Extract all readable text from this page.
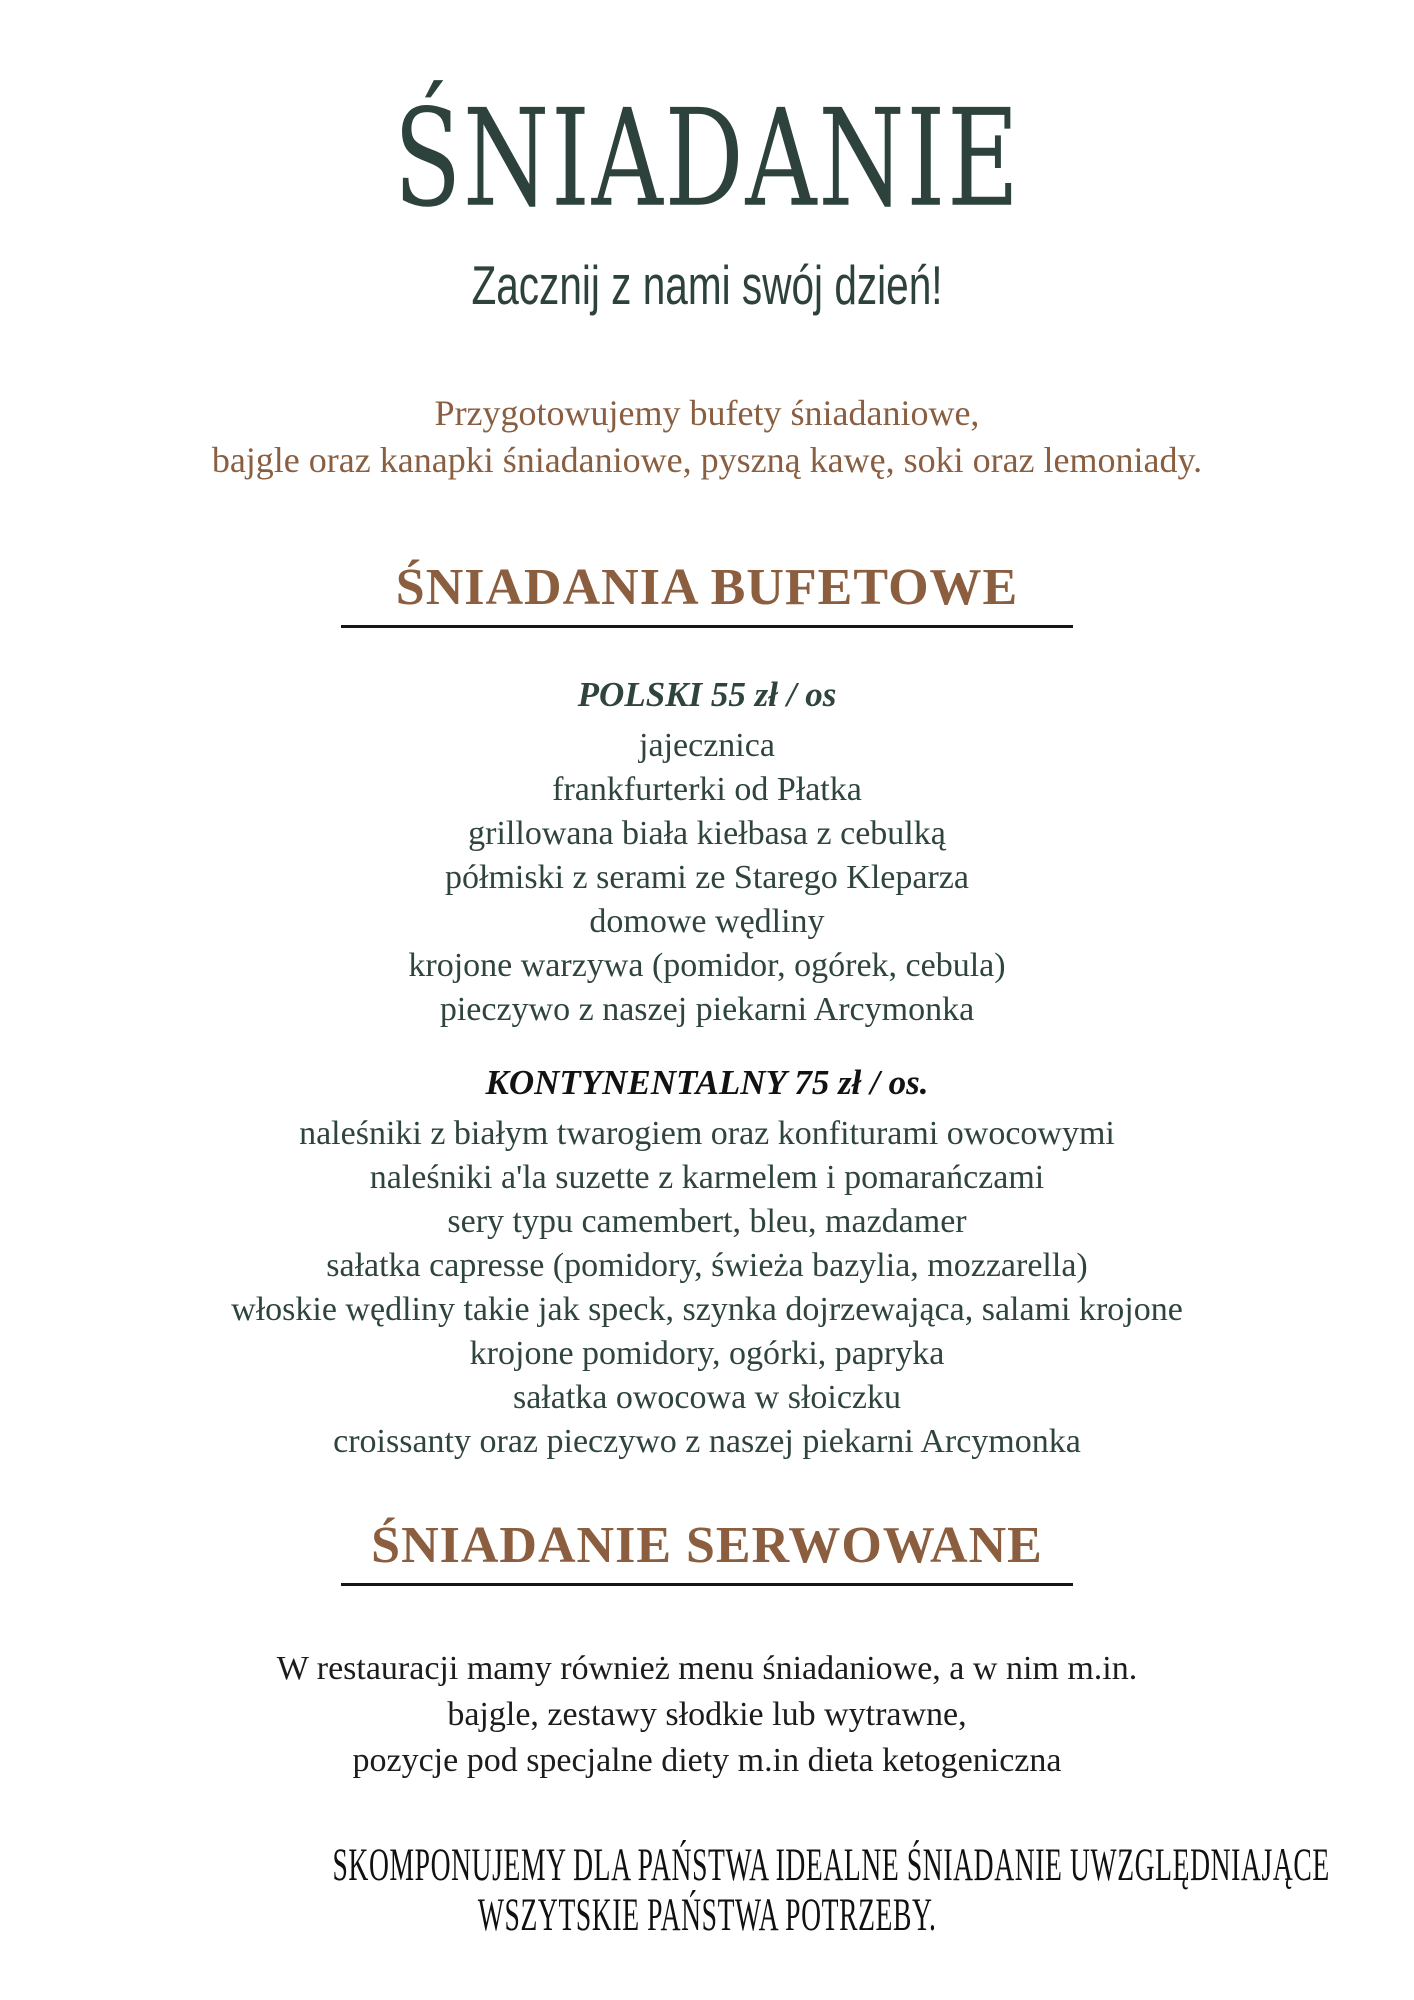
ŚNIADANIE
Zacznij z nami swój dzień!
Przygotowujemy bufety śniadaniowe,
bajgle oraz kanapki śniadaniowe, pyszną kawę, soki oraz lemoniady.
ŚNIADANIA BUFETOWE
POLSKI 55 zł / os
jajecznica
frankfurterki od Płatka
grillowana biała kiełbasa z cebulką
półmiski z serami ze Starego Kleparza
domowe wędliny
krojone warzywa (pomidor, ogórek, cebula)
pieczywo z naszej piekarni Arcymonka
KONTYNENTALNY 75 zł / os.
naleśniki z białym twarogiem oraz konfiturami owocowymi
naleśniki a'la suzette z karmelem i pomarańczami
sery typu camembert, bleu, mazdamer
sałatka capresse (pomidory, świeża bazylia, mozzarella)
włoskie wędliny takie jak speck, szynka dojrzewająca, salami krojone
krojone pomidory, ogórki, papryka
sałatka owocowa w słoiczku
croissanty oraz pieczywo z naszej piekarni Arcymonka
ŚNIADANIE SERWOWANE
W restauracji mamy również menu śniadaniowe, a w nim m.in.
bajgle, zestawy słodkie lub wytrawne,
pozycje pod specjalne diety m.in dieta ketogeniczna
SKOMPONUJEMY DLA PAŃSTWA IDEALNE ŚNIADANIE UWZGLĘDNIAJĄCE
WSZYTSKIE PAŃSTWA POTRZEBY.
